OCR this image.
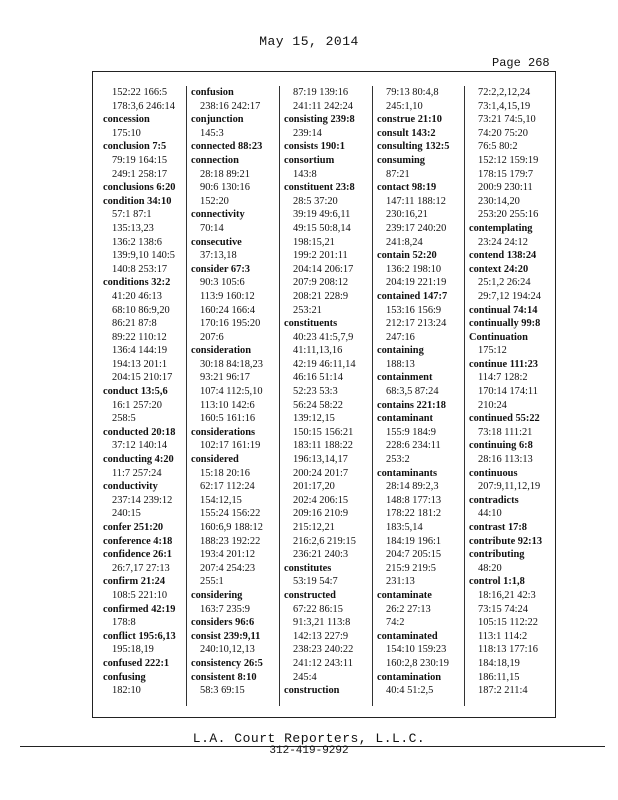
May 15, 2014
Page 268
152:22 166:5
178:3,6 246:14
concession
175:10
conclusion 7:5
79:19 164:15
249:1 258:17
conclusions 6:20
condition 34:10
57:1 87:1
135:13,23
136:2 138:6
139:9,10 140:5
140:8 253:17
conditions 32:2
41:20 46:13
68:10 86:9,20
86:21 87:8
89:22 110:12
136:4 144:19
194:13 201:1
204:15 210:17
conduct 13:5,6
16:1 257:20
258:5
conducted 20:18
37:12 140:14
conducting 4:20
11:7 257:24
conductivity
237:14 239:12
240:15
confer 251:20
conference 4:18
confidence 26:1
26:7,17 27:13
confirm 21:24
108:5 221:10
confirmed 42:19
178:8
conflict 195:6,13
195:18,19
confused 222:1
confusing
182:10
confusion
238:16 242:17
conjunction
145:3
connected 88:23
connection
28:18 89:21
90:6 130:16
152:20
connectivity
70:14
consecutive
37:13,18
consider 67:3
90:3 105:6
113:9 160:12
160:24 166:4
170:16 195:20
207:6
consideration
30:18 84:18,23
93:21 96:17
107:4 112:5,10
113:10 142:6
160:5 161:16
considerations
102:17 161:19
considered
15:18 20:16
62:17 112:24
154:12,15
155:24 156:22
160:6,9 188:12
188:23 192:22
193:4 201:12
207:4 254:23
255:1
considering
163:7 235:9
considers 96:6
consist 239:9,11
240:10,12,13
consistency 26:5
consistent 8:10
58:3 69:15
87:19 139:16
241:11 242:24
consisting 239:8
239:14
consists 190:1
consortium
143:8
constituent 23:8
28:5 37:20
39:19 49:6,11
49:15 50:8,14
198:15,21
199:2 201:11
204:14 206:17
207:9 208:12
208:21 228:9
253:21
constituents
40:23 41:5,7,9
41:11,13,16
42:19 46:11,14
46:16 51:14
52:23 53:3
56:24 58:22
139:12,15
150:15 156:21
183:11 188:22
196:13,14,17
200:24 201:7
201:17,20
202:4 206:15
209:16 210:9
215:12,21
216:2,6 219:15
236:21 240:3
constitutes
53:19 54:7
constructed
67:22 86:15
91:3,21 113:8
142:13 227:9
238:23 240:22
241:12 243:11
245:4
construction
79:13 80:4,8
245:1,10
construe 21:10
consult 143:2
consulting 132:5
consuming
87:21
contact 98:19
147:11 188:12
230:16,21
239:17 240:20
241:8,24
contain 52:20
136:2 198:10
204:19 221:19
contained 147:7
153:16 156:9
212:17 213:24
247:16
containing
188:13
containment
68:3,5 87:24
contains 221:18
contaminant
155:9 184:9
228:6 234:11
253:2
contaminants
28:14 89:2,3
148:8 177:13
178:22 181:2
183:5,14
184:19 196:1
204:7 205:15
215:9 219:5
231:13
contaminate
26:2 27:13
74:2
contaminated
154:10 159:23
160:2,8 230:19
contamination
40:4 51:2,5
72:2,2,12,24
73:1,4,15,19
73:21 74:5,10
74:20 75:20
76:5 80:2
152:12 159:19
178:15 179:7
200:9 230:11
230:14,20
253:20 255:16
contemplating
23:24 24:12
contend 138:24
context 24:20
25:1,2 26:24
29:7,12 194:24
continual 74:14
continually 99:8
Continuation
175:12
continue 111:23
114:7 128:2
170:14 174:11
210:24
continued 55:22
73:18 111:21
continuing 6:8
28:16 113:13
continuous
207:9,11,12,19
contradicts
44:10
contrast 17:8
contribute 92:13
contributing
48:20
control 1:1,8
18:16,21 42:3
73:15 74:24
105:15 112:22
113:1 114:2
118:13 177:16
184:18,19
186:11,15
187:2 211:4
L.A. Court Reporters, L.L.C.
312-419-9292
